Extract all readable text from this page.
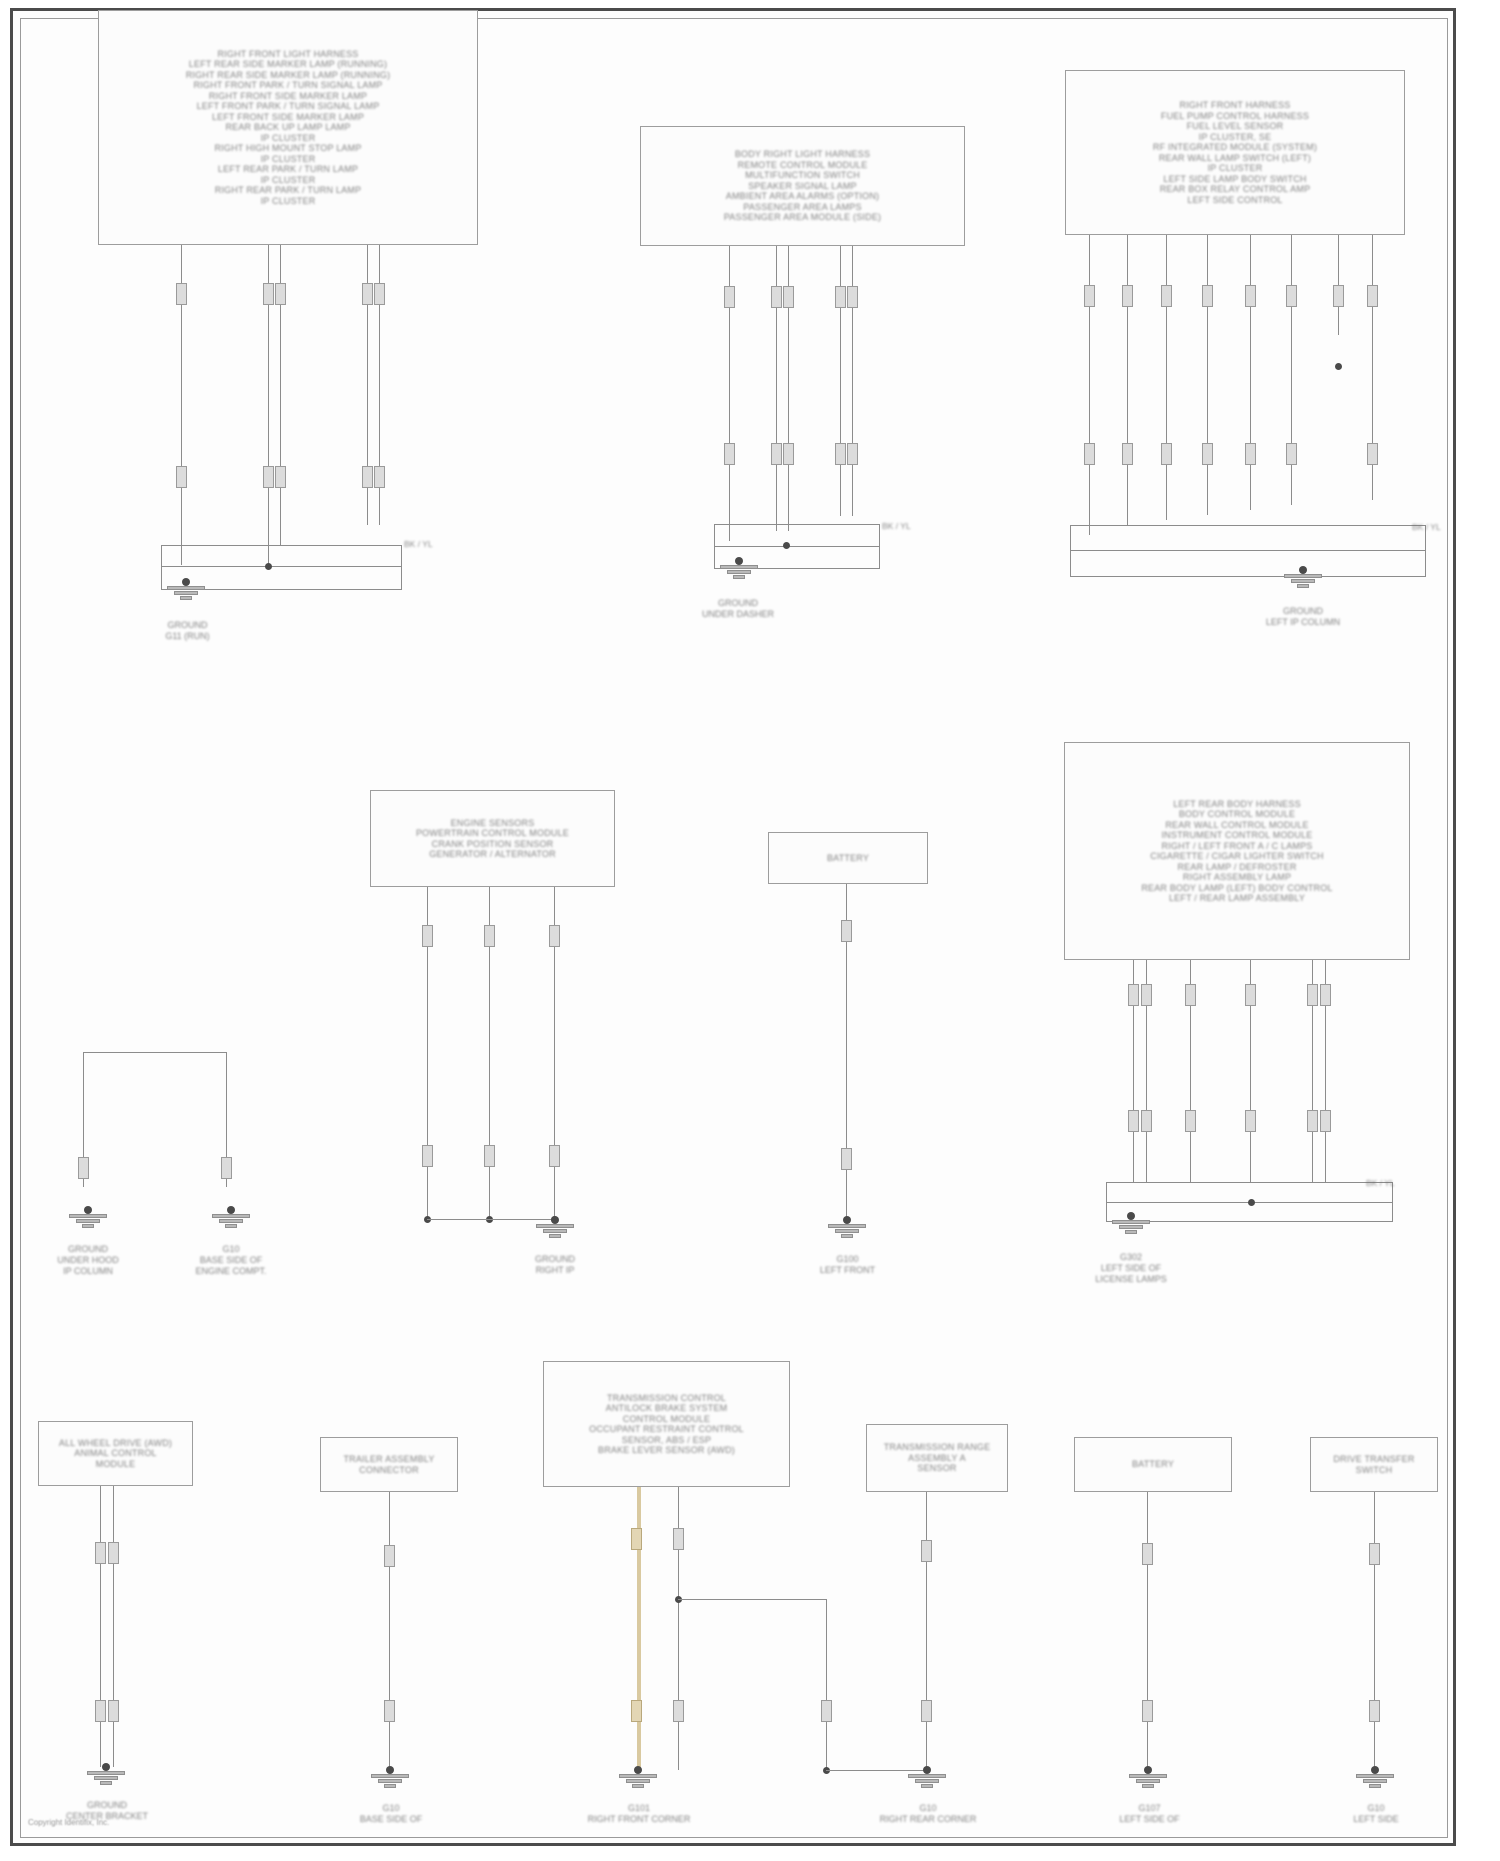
RIGHT FRONT LIGHT HARNESS
LEFT REAR SIDE MARKER LAMP (RUNNING)
RIGHT REAR SIDE MARKER LAMP (RUNNING)
RIGHT FRONT PARK / TURN SIGNAL LAMP
RIGHT FRONT SIDE MARKER LAMP
LEFT FRONT PARK / TURN SIGNAL LAMP
LEFT FRONT SIDE MARKER LAMP
REAR BACK UP LAMP LAMP
IP CLUSTER
RIGHT HIGH MOUNT STOP LAMP
IP CLUSTER
LEFT REAR PARK / TURN LAMP
IP CLUSTER
RIGHT REAR PARK / TURN LAMP
IP CLUSTER
BK / YL
GROUND
G11 (RUN)
BODY RIGHT LIGHT HARNESS
REMOTE CONTROL MODULE
MULTIFUNCTION SWITCH
SPEAKER SIGNAL LAMP
AMBIENT AREA ALARMS (OPTION)
PASSENGER AREA LAMPS
PASSENGER AREA MODULE (SIDE)
BK / YL
GROUND
UNDER DASHER
RIGHT FRONT HARNESS
FUEL PUMP CONTROL HARNESS
FUEL LEVEL SENSOR
IP CLUSTER, SE
RF INTEGRATED MODULE (SYSTEM)
REAR WALL LAMP SWITCH (LEFT)
IP CLUSTER
LEFT SIDE LAMP BODY SWITCH
REAR BOX RELAY CONTROL AMP
LEFT SIDE CONTROL
BK / YL
GROUND
LEFT IP COLUMN
GROUND
UNDER HOOD
IP COLUMN
G10
BASE SIDE OF
ENGINE COMPT.
ENGINE SENSORS
POWERTRAIN CONTROL MODULE
CRANK POSITION SENSOR
GENERATOR / ALTERNATOR
GROUND
RIGHT IP
BATTERY
G100
LEFT FRONT
LEFT REAR BODY HARNESS
BODY CONTROL MODULE
REAR WALL CONTROL MODULE
INSTRUMENT CONTROL MODULE
RIGHT / LEFT FRONT A / C LAMPS
CIGARETTE / CIGAR LIGHTER SWITCH
REAR LAMP / DEFROSTER
RIGHT ASSEMBLY LAMP
REAR BODY LAMP (LEFT) BODY CONTROL
LEFT / REAR LAMP ASSEMBLY
BK / YL
G302
LEFT SIDE OF
LICENSE LAMPS
ALL WHEEL DRIVE (AWD)
ANIMAL CONTROL
MODULE
GROUND
CENTER BRACKET
TRAILER ASSEMBLY
CONNECTOR
G10
BASE SIDE OF
TRANSMISSION CONTROL
ANTILOCK BRAKE SYSTEM
CONTROL MODULE
OCCUPANT RESTRAINT CONTROL
SENSOR, ABS / ESP
BRAKE LEVER SENSOR (AWD)
G101
RIGHT FRONT CORNER
TRANSMISSION RANGE
ASSEMBLY A
SENSOR
G10
RIGHT REAR CORNER
BATTERY
G107
LEFT SIDE OF
DRIVE TRANSFER
SWITCH
G10
LEFT SIDE
Copyright Identifix, Inc.
